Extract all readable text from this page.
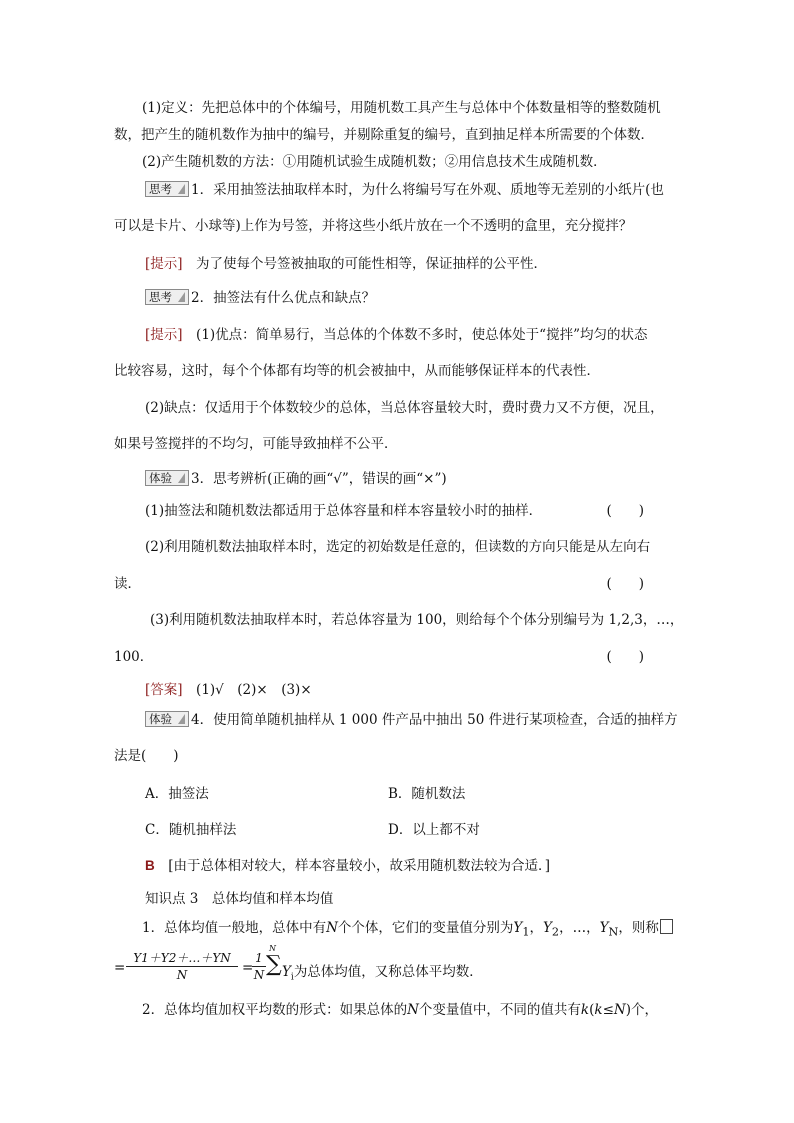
(1)定义：先把总体中的个体编号，用随机数工具产生与总体中个体数量相等的整数随机
数，把产生的随机数作为抽中的编号，并剔除重复的编号，直到抽足样本所需要的个体数．
(2)产生随机数的方法：①用随机试验生成随机数；②用信息技术生成随机数．
思考 1．采用抽签法抽取样本时，为什么将编号写在外观、质地等无差别的小纸片(也
可以是卡片、小球等)上作为号签，并将这些小纸片放在一个不透明的盒里，充分搅拌？
[提示]　 为了使每个号签被抽取的可能性相等，保证抽样的公平性．
思考 2．抽签法有什么优点和缺点？
[提示]　 (1)优点：简单易行，当总体的个体数不多时，使总体处于“搅拌”均匀的状态
比较容易，这时，每个个体都有均等的机会被抽中，从而能够保证样本的代表性．
(2)缺点：仅适用于个体数较少的总体，当总体容量较大时，费时费力又不方便，况且，
如果号签搅拌的不均匀，可能导致抽样不公平．
体验 3．思考辨析(正确的画“√”，错误的画“×”)
(1)抽签法和随机数法都适用于总体容量和样本容量较小时的抽样．	(　　)
(2)利用随机数法抽取样本时，选定的初始数是任意的，但读数的方向只能是从左向右
读．	(　　)
(3)利用随机数法抽取样本时，若总体容量为 100，则给每个个体分别编号为 1,2,3，…，
100．	(　　)
[答案]　 (1)√　(2)×　(3)×
体验 4．使用简单随机抽样从 1 000 件产品中抽出 50 件进行某项检查，合适的抽样方
法是(　　)
A．抽签法	B．随机数法
C．随机抽样法	D．以上都不对
B　 [由于总体相对较大，样本容量较小，故采用随机数法较为合适．]
知识点 3　总体均值和样本均值
1．总体均值一般地，总体中有N个个体，它们的变量值分别为$Y_1$，$Y_2$，…，$Y_N$，则称
= $\frac{Y1+Y2+\dots+YN}{N}$ =
$\frac{1}{N}$
N
∑ $Y_i$为总体均值，又称总体平均数．
2．总体均值加权平均数的形式：如果总体的N个变量值中，不同的值共有k(k≤N)个，
